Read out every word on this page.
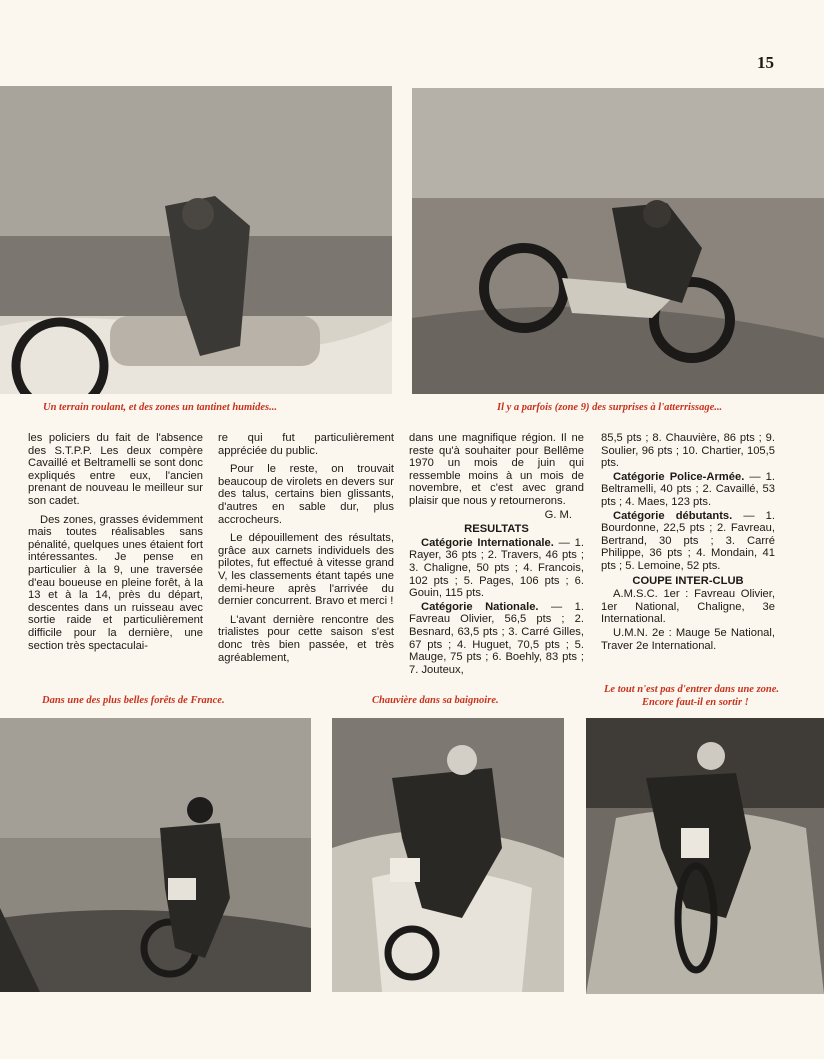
15
Un terrain roulant, et des zones un tantinet humides...	Il y a parfois (zone 9) des surprises à l'atterrissage...

les policiers du fait de l'absence des S.T.P.P. Les deux compère Cavaillé et Beltramelli se sont donc expliqués entre eux, l'ancien prenant de nouveau le meilleur sur son cadet.

Des zones, grasses évidemment mais toutes réalisables sans pénalité, quelques unes étaient fort intéressantes. Je pense en particulier à la 9, une traversée d'eau boueuse en pleine forêt, à la 13 et à la 14, près du départ, descentes dans un ruisseau avec sortie raide et particulièrement difficile pour la dernière, une section très spectaculai-

re qui fut particulièrement appréciée du public.

Pour le reste, on trouvait beaucoup de virolets en devers sur des talus, certains bien glissants, d'autres en sable dur, plus accrocheurs.

Le dépouillement des résultats, grâce aux carnets individuels des pilotes, fut effectué à vitesse grand V, les classements étant tapés une demi-heure après l'arrivée du dernier concurrent. Bravo et merci !

L'avant dernière rencontre des trialistes pour cette saison s'est donc très bien passée, et très agréablement,

dans une magnifique région. Il ne reste qu'à souhaiter pour Bellême 1970 un mois de juin qui ressemble moins à un mois de novembre, et c'est avec grand plaisir que nous y retournerons.

G. M.
RESULTATS

Catégorie Internationale. — 1. Rayer, 36 pts ; 2. Travers, 46 pts ; 3. Chaligne, 50 pts ; 4. Francois, 102 pts ; 5. Pages, 106 pts ; 6. Gouin, 115 pts.

Catégorie Nationale. — 1. Favreau Olivier, 56,5 pts ; 2. Besnard, 63,5 pts ; 3. Carré Gilles, 67 pts ; 4. Huguet, 70,5 pts ; 5. Mauge, 75 pts ; 6. Boehly, 83 pts ; 7. Jouteux,

85,5 pts ; 8. Chauvière, 86 pts ; 9. Soulier, 96 pts ; 10. Chartier, 105,5 pts.

Catégorie Police-Armée. — 1. Beltramelli, 40 pts ; 2. Cavaillé, 53 pts ; 4. Maes, 123 pts.

Catégorie débutants. — 1. Bourdonne, 22,5 pts ; 2. Favreau, Bertrand, 30 pts ; 3. Carré Philippe, 36 pts ; 4. Mondain, 41 pts ; 5. Lemoine, 52 pts.

COUPE INTER-CLUB

A.M.S.C. 1er : Favreau Olivier, 1er National, Chaligne, 3e International.

U.M.N. 2e : Mauge 5e National, Traver 2e International.

Dans une des plus belles forêts de France.	Chauvière dans sa baignoire.
Le tout n'est pas d'entrer dans une zone.
Encore faut-il en sortir !
